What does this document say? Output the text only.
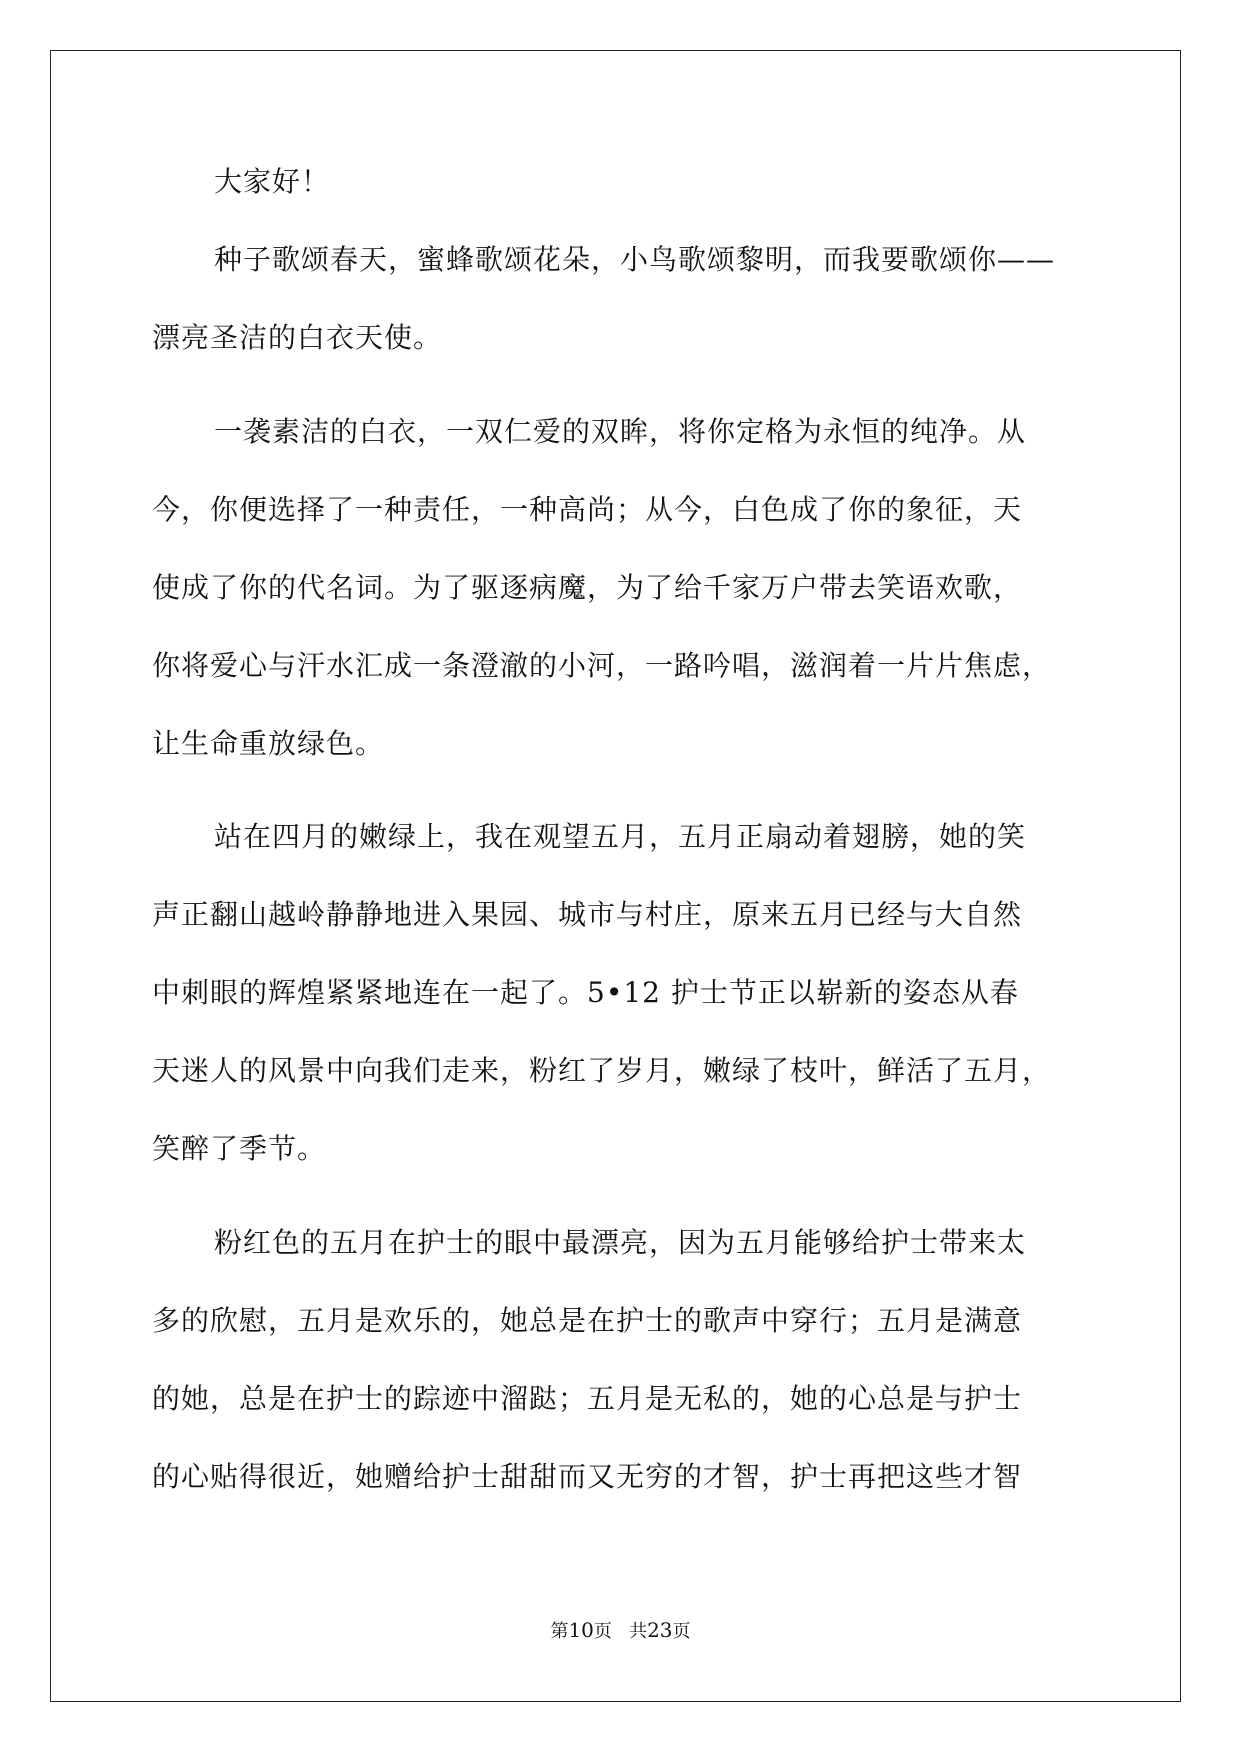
大家好！
种子歌颂春天，蜜蜂歌颂花朵，小鸟歌颂黎明，而我要歌颂你——
漂亮圣洁的白衣天使。
一袭素洁的白衣，一双仁爱的双眸，将你定格为永恒的纯净。从
今，你便选择了一种责任，一种高尚；从今，白色成了你的象征，天
使成了你的代名词。为了驱逐病魔，为了给千家万户带去笑语欢歌，
你将爱心与汗水汇成一条澄澈的小河，一路吟唱，滋润着一片片焦虑，
让生命重放绿色。
站在四月的嫩绿上，我在观望五月，五月正扇动着翅膀，她的笑
声正翻山越岭静静地进入果园、城市与村庄，原来五月已经与大自然
中刺眼的辉煌紧紧地连在一起了。5•12 护士节正以崭新的姿态从春
天迷人的风景中向我们走来，粉红了岁月，嫩绿了枝叶，鲜活了五月，
笑醉了季节。
粉红色的五月在护士的眼中最漂亮，因为五月能够给护士带来太
多的欣慰，五月是欢乐的，她总是在护士的歌声中穿行；五月是满意
的她，总是在护士的踪迹中溜跶；五月是无私的，她的心总是与护士
的心贴得很近，她赠给护士甜甜而又无穷的才智，护士再把这些才智
第10页 共23页
